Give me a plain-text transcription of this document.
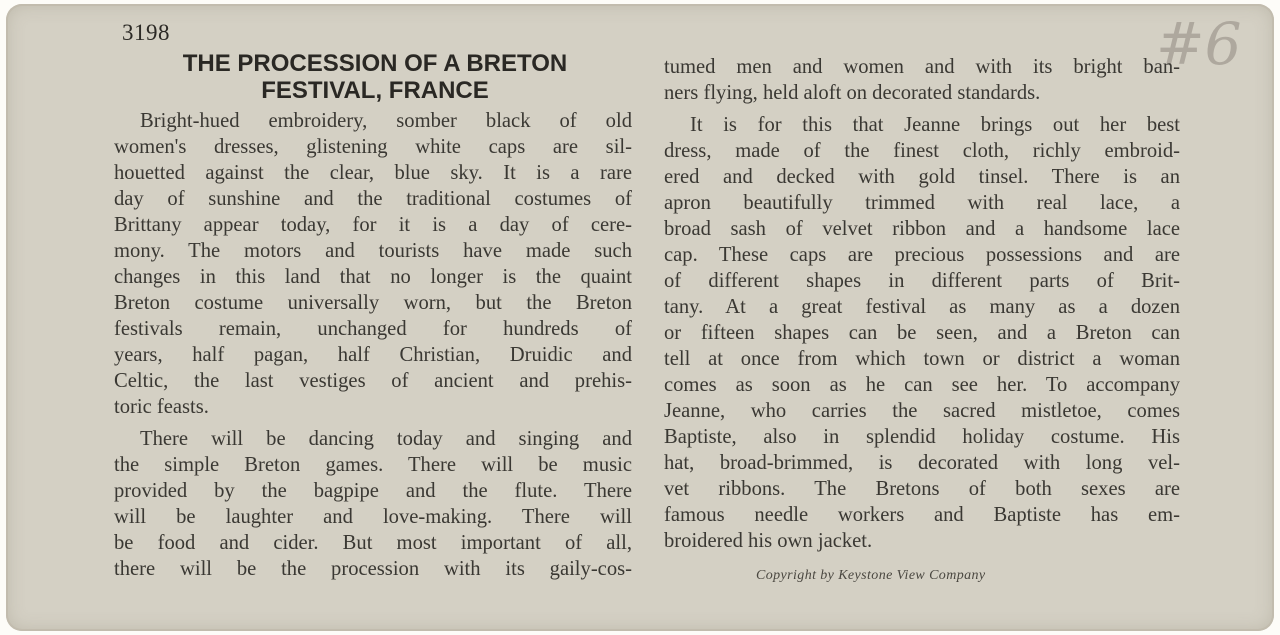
3198	#6
THE PROCESSION OF A BRETON
FESTIVAL, FRANCE
Bright-hued embroidery, somber black of old
women's dresses, glistening white caps are sil-
houetted against the clear, blue sky. It is a rare
day of sunshine and the traditional costumes of
Brittany appear today, for it is a day of cere-
mony. The motors and tourists have made such
changes in this land that no longer is the quaint
Breton costume universally worn, but the Breton
festivals remain, unchanged for hundreds of
years, half pagan, half Christian, Druidic and
Celtic, the last vestiges of ancient and prehis-
toric feasts.
There will be dancing today and singing and
the simple Breton games. There will be music
provided by the bagpipe and the flute. There
will be laughter and love-making. There will
be food and cider. But most important of all,
there will be the procession with its gaily-cos-
tumed men and women and with its bright ban-
ners flying, held aloft on decorated standards.
It is for this that Jeanne brings out her best
dress, made of the finest cloth, richly embroid-
ered and decked with gold tinsel. There is an
apron beautifully trimmed with real lace, a
broad sash of velvet ribbon and a handsome lace
cap. These caps are precious possessions and are
of different shapes in different parts of Brit-
tany. At a great festival as many as a dozen
or fifteen shapes can be seen, and a Breton can
tell at once from which town or district a woman
comes as soon as he can see her. To accompany
Jeanne, who carries the sacred mistletoe, comes
Baptiste, also in splendid holiday costume. His
hat, broad-brimmed, is decorated with long vel-
vet ribbons. The Bretons of both sexes are
famous needle workers and Baptiste has em-
broidered his own jacket.
Copyright by Keystone View Company
